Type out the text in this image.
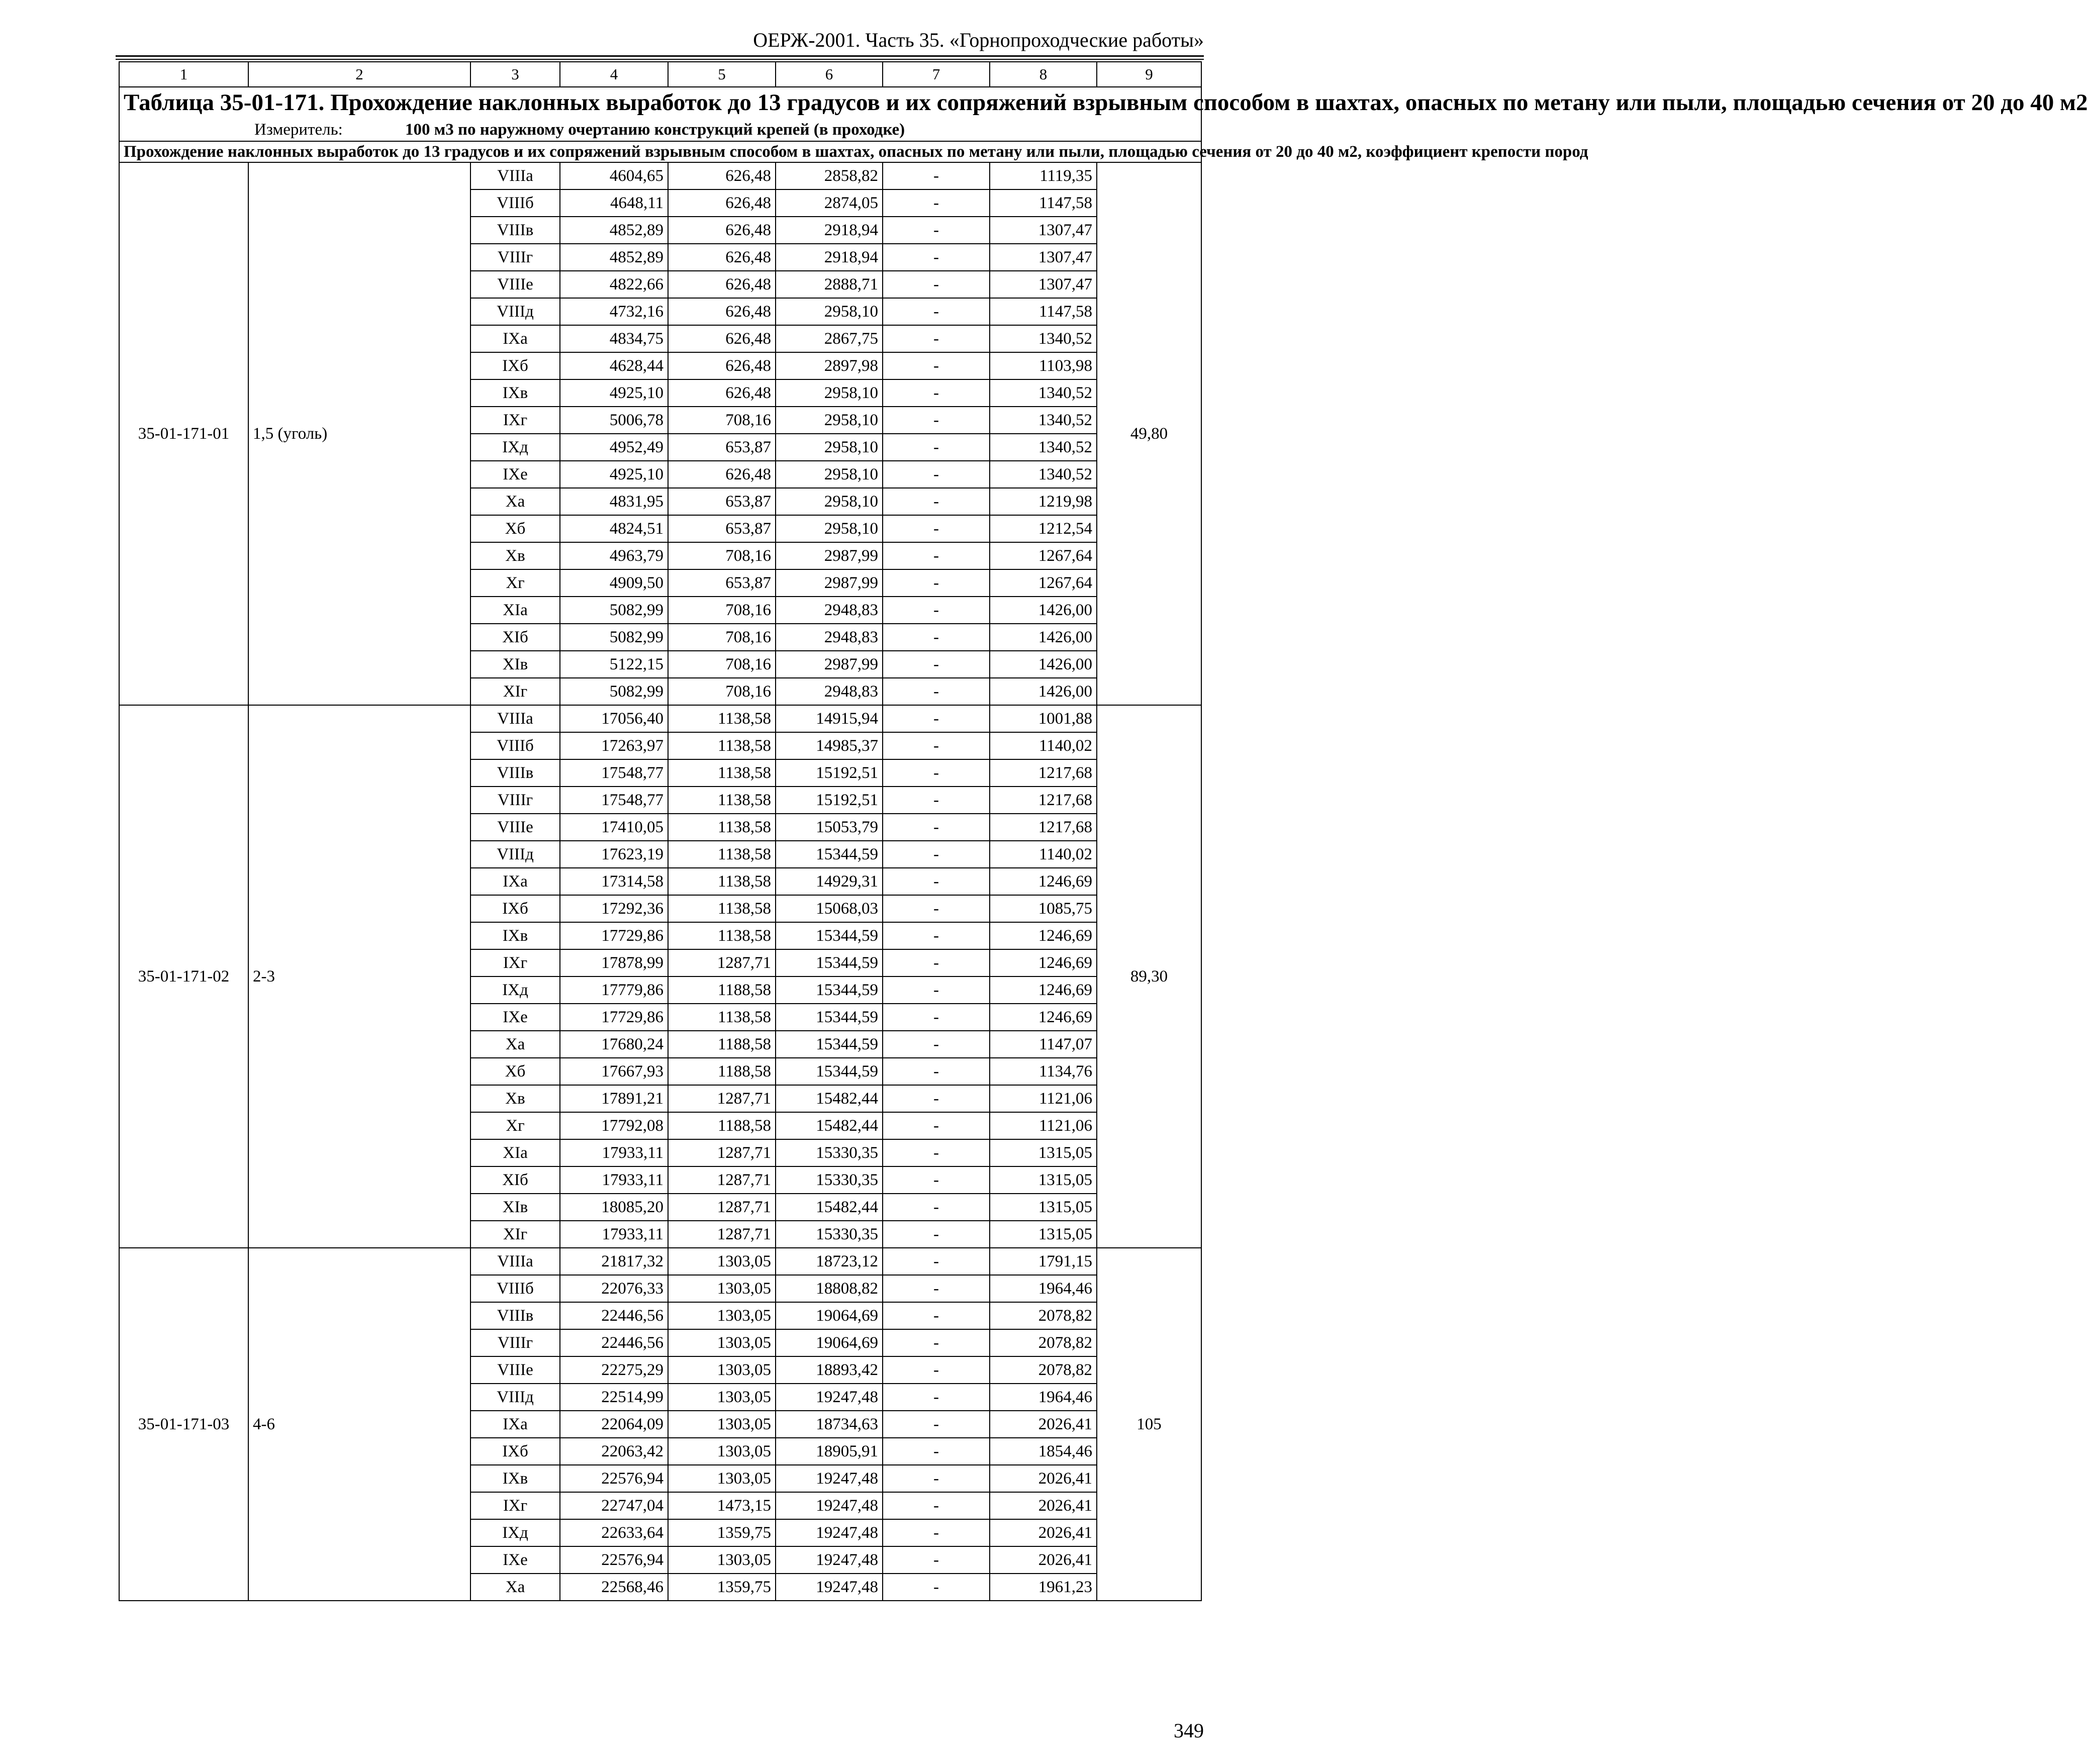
ОЕРЖ-2001. Часть 35. «Горнопроходческие работы»
1	2	3	4	5	6	7	8	9

Таблица 35-01-171. Прохождение наклонных выработок до 13 градусов и их сопряжений взрывным способом в шахтах, опасных по метану или пыли, площадью сечения от 20 до 40 м2
Измеритель: 100 м3 по наружному очертанию конструкций крепей (в проходке)								

Прохождение наклонных выработок до 13 градусов и их сопряжений взрывным способом в шахтах, опасных по метану или пыли, площадью сечения от 20 до 40 м2, коэффициент крепости пород								
35-01-171-01	1,5 (уголь)	VIIIа	4604,65	626,48	2858,82	-	1119,35	49,80
		VIIIб	4648,11	626,48	2874,05	-	1147,58	
		VIIIв	4852,89	626,48	2918,94	-	1307,47	
		VIIIг	4852,89	626,48	2918,94	-	1307,47	
		VIIIе	4822,66	626,48	2888,71	-	1307,47	
		VIIIд	4732,16	626,48	2958,10	-	1147,58	
		IXа	4834,75	626,48	2867,75	-	1340,52	
		IXб	4628,44	626,48	2897,98	-	1103,98	
		IXв	4925,10	626,48	2958,10	-	1340,52	
		IXг	5006,78	708,16	2958,10	-	1340,52	
		IXд	4952,49	653,87	2958,10	-	1340,52	
		IXе	4925,10	626,48	2958,10	-	1340,52	
		Xа	4831,95	653,87	2958,10	-	1219,98	
		Xб	4824,51	653,87	2958,10	-	1212,54	
		Xв	4963,79	708,16	2987,99	-	1267,64	
		Xг	4909,50	653,87	2987,99	-	1267,64	
		XIа	5082,99	708,16	2948,83	-	1426,00	
		XIб	5082,99	708,16	2948,83	-	1426,00	
		XIв	5122,15	708,16	2987,99	-	1426,00	
		XIг	5082,99	708,16	2948,83	-	1426,00	
35-01-171-02	2-3	VIIIа	17056,40	1138,58	14915,94	-	1001,88	89,30
		VIIIб	17263,97	1138,58	14985,37	-	1140,02	
		VIIIв	17548,77	1138,58	15192,51	-	1217,68	
		VIIIг	17548,77	1138,58	15192,51	-	1217,68	
		VIIIе	17410,05	1138,58	15053,79	-	1217,68	
		VIIIд	17623,19	1138,58	15344,59	-	1140,02	
		IXа	17314,58	1138,58	14929,31	-	1246,69	
		IXб	17292,36	1138,58	15068,03	-	1085,75	
		IXв	17729,86	1138,58	15344,59	-	1246,69	
		IXг	17878,99	1287,71	15344,59	-	1246,69	
		IXд	17779,86	1188,58	15344,59	-	1246,69	
		IXе	17729,86	1138,58	15344,59	-	1246,69	
		Xа	17680,24	1188,58	15344,59	-	1147,07	
		Xб	17667,93	1188,58	15344,59	-	1134,76	
		Xв	17891,21	1287,71	15482,44	-	1121,06	
		Xг	17792,08	1188,58	15482,44	-	1121,06	
		XIа	17933,11	1287,71	15330,35	-	1315,05	
		XIб	17933,11	1287,71	15330,35	-	1315,05	
		XIв	18085,20	1287,71	15482,44	-	1315,05	
		XIг	17933,11	1287,71	15330,35	-	1315,05	
35-01-171-03	4-6	VIIIа	21817,32	1303,05	18723,12	-	1791,15	105
		VIIIб	22076,33	1303,05	18808,82	-	1964,46	
		VIIIв	22446,56	1303,05	19064,69	-	2078,82	
		VIIIг	22446,56	1303,05	19064,69	-	2078,82	
		VIIIе	22275,29	1303,05	18893,42	-	2078,82	
		VIIIд	22514,99	1303,05	19247,48	-	1964,46	
		IXа	22064,09	1303,05	18734,63	-	2026,41	
		IXб	22063,42	1303,05	18905,91	-	1854,46	
		IXв	22576,94	1303,05	19247,48	-	2026,41	
		IXг	22747,04	1473,15	19247,48	-	2026,41	
		IXд	22633,64	1359,75	19247,48	-	2026,41	
		IXе	22576,94	1303,05	19247,48	-	2026,41	
		Xа	22568,46	1359,75	19247,48	-	1961,23	
349
